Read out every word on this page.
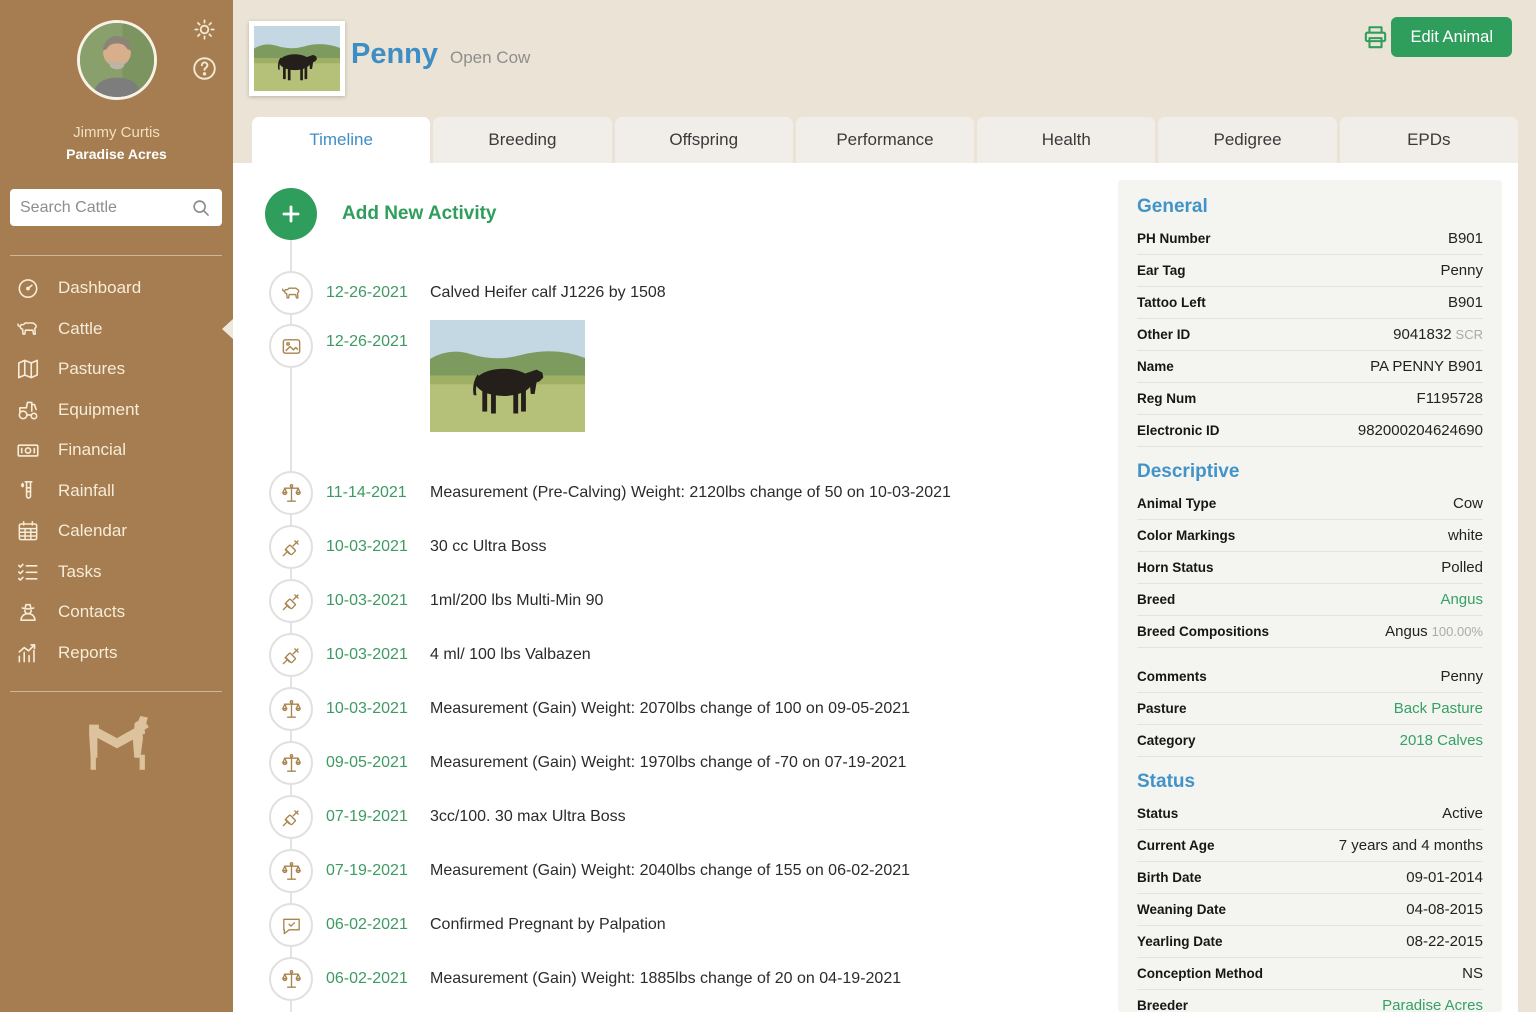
Jimmy Curtis
Paradise Acres
Search Cattle
Dashboard
Cattle
Pastures
Equipment
Financial
Rainfall
Calendar
Tasks
Contacts
Reports
Penny Open Cow
Edit Animal
Timeline	Breeding	Offspring	Performance	Health	Pedigree	EPDs
Add New Activity
12-26-2021	Calved Heifer calf J1226 by 1508
12-26-2021
11-14-2021	Measurement (Pre-Calving) Weight: 2120lbs change of 50 on 10-03-2021
10-03-2021	30 cc Ultra Boss
10-03-2021	1ml/200 lbs Multi-Min 90
10-03-2021	4 ml/ 100 lbs Valbazen
10-03-2021	Measurement (Gain) Weight: 2070lbs change of 100 on 09-05-2021
09-05-2021	Measurement (Gain) Weight: 1970lbs change of -70 on 07-19-2021
07-19-2021	3cc/100. 30 max Ultra Boss
07-19-2021	Measurement (Gain) Weight: 2040lbs change of 155 on 06-02-2021
06-02-2021	Confirmed Pregnant by Palpation
06-02-2021	Measurement (Gain) Weight: 1885lbs change of 20 on 04-19-2021
General
PH Number	B901
Ear Tag	Penny
Tattoo Left	B901
Other ID	9041832 SCR
Name	PA PENNY B901
Reg Num	F1195728
Electronic ID	982000204624690
Descriptive
Animal Type	Cow
Color Markings	white
Horn Status	Polled
Breed	Angus
Breed Compositions	Angus 100.00%
Comments	Penny
Pasture	Back Pasture
Category	2018 Calves
Status
Status	Active
Current Age	7 years and 4 months
Birth Date	09-01-2014
Weaning Date	04-08-2015
Yearling Date	08-22-2015
Conception Method	NS
Breeder	Paradise Acres
